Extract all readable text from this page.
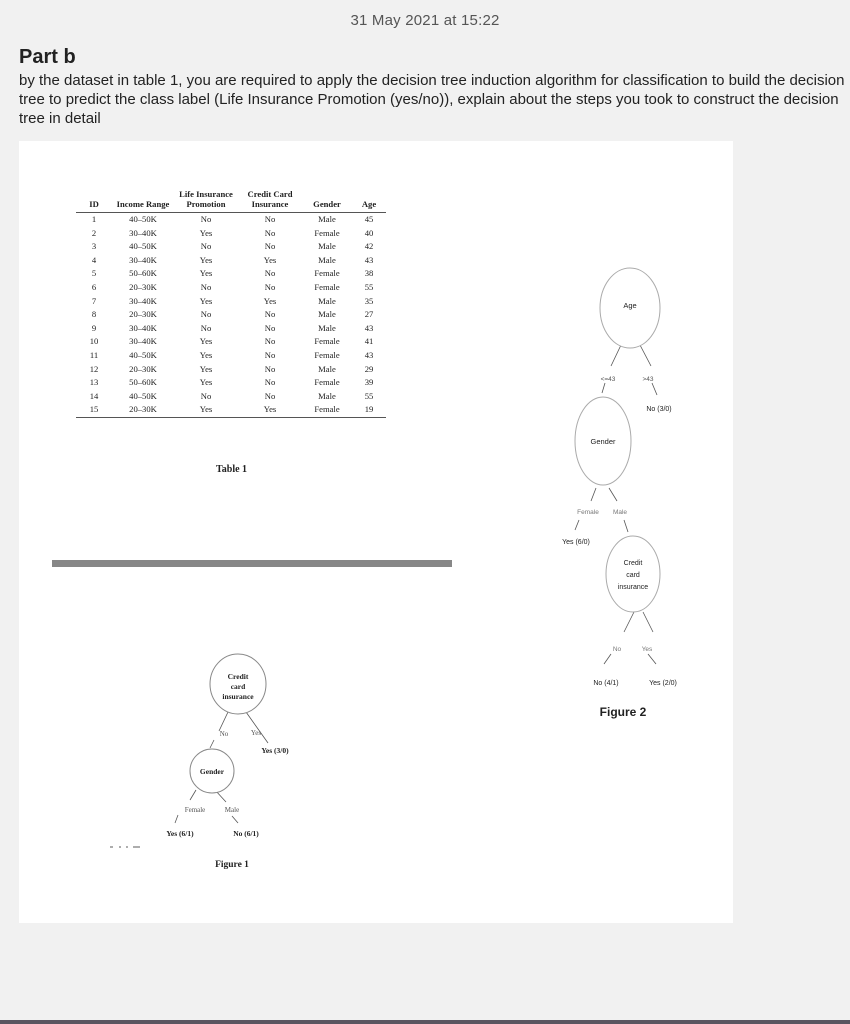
31 May 2021 at 15:22
Part b
by the dataset in table 1, you are required to apply the decision tree induction algorithm for classification to build the decision tree to predict the class label (Life Insurance Promotion (yes/no)), explain about the steps you took to construct the decision tree in detail
ID	Income Range	Life Insurance Promotion	Credit Card Insurance	Gender	Age
1	40–50K	No	No	Male	45
2	30–40K	Yes	No	Female	40
3	40–50K	No	No	Male	42
4	30–40K	Yes	Yes	Male	43
5	50–60K	Yes	No	Female	38
6	20–30K	No	No	Female	55
7	30–40K	Yes	Yes	Male	35
8	20–30K	No	No	Male	27
9	30–40K	No	No	Male	43
10	30–40K	Yes	No	Female	41
11	40–50K	Yes	No	Female	43
12	20–30K	Yes	No	Male	29
13	50–60K	Yes	No	Female	39
14	40–50K	No	No	Male	55
15	20–30K	Yes	Yes	Female	19
Table 1
Credit
card
insurance
No	Yes
Yes (3/0)
Gender
Female	Male
Yes (6/1)	No (6/1)
Figure 1
Age
<=43	>43
No (3/0)
Gender
Female Male
Yes (6/0)
Credit
card
insurance
No	Yes
No (4/1)	Yes (2/0)
Figure 2
